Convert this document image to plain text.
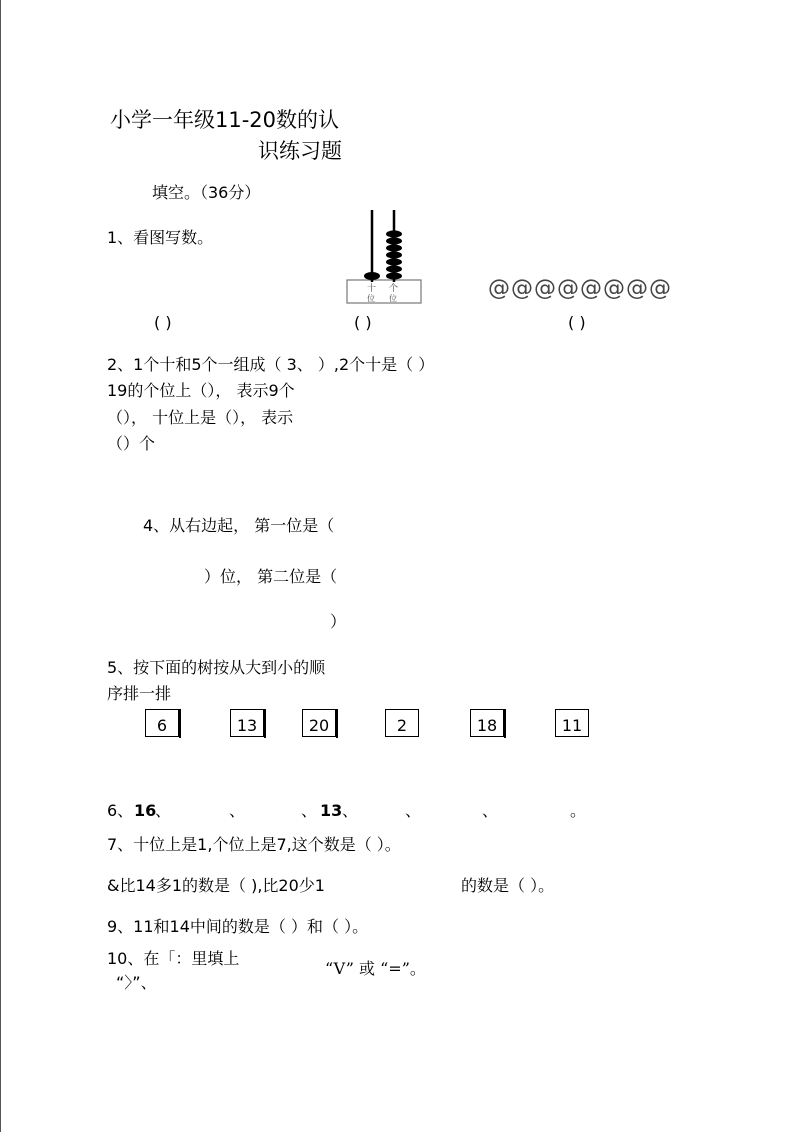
小学一年级11-20数的认
识练习题
填空。（36分）
1、看图写数。
十 个
位 位	@@@@@@@@
( )	( )	( )
2、1个十和5个一组成（ 3、 ）,2个十是（ ）
19的个位上（）， 表示9个
（）， 十位上是（）， 表示
（）个
4、从右边起， 第一位是（
）位， 第二位是（
）
5、按下面的树按从大到小的顺
序排一排
6	13	20	2	18	11
6、 16
、	、	、 13 、	、	、	。
7、十位上是1,个位上是7,这个数是（ ）。
&比14多1的数是（ ),比20少1	的数是（ ）。
9、11和14中间的数是（ ）和（ ）。
10、在「：里填上
“〉”、
“V” 或 “=”。
